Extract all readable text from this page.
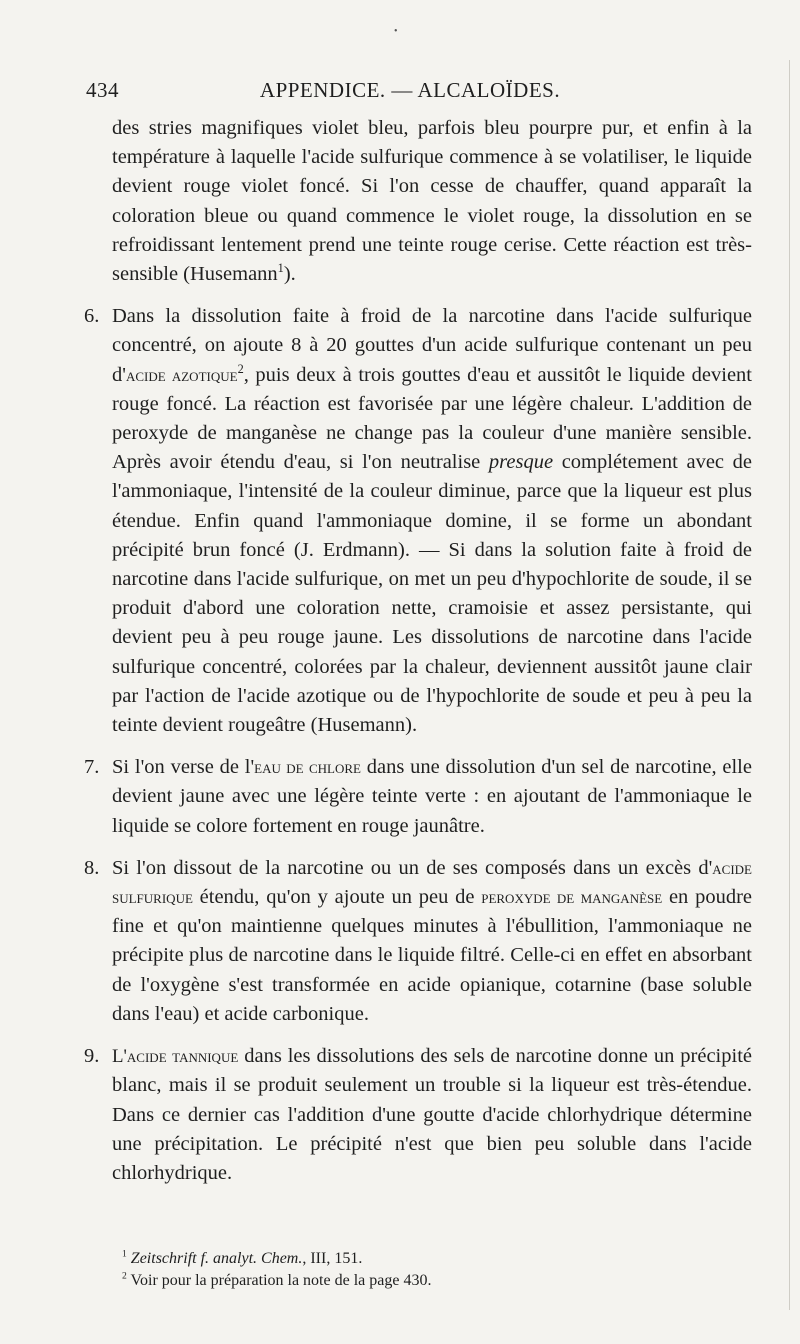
•
434	APPENDICE. — ALCALOÏDES.

des stries magnifiques violet bleu, parfois bleu pourpre pur, et enfin à la température à laquelle l'acide sulfurique commence à se volatiliser, le liquide devient rouge violet foncé. Si l'on cesse de chauffer, quand apparaît la coloration bleue ou quand commence le violet rouge, la dissolution en se refroidissant lentement prend une teinte rouge cerise. Cette réaction est très-sensible (Husemann$^1$).

6. Dans la dissolution faite à froid de la narcotine dans l'acide sulfurique concentré, on ajoute 8 à 20 gouttes d'un acide sulfurique contenant un peu d'acide azotique$^2$, puis deux à trois gouttes d'eau et aussitôt le liquide devient rouge foncé. La réaction est favorisée par une légère chaleur. L'addition de peroxyde de manganèse ne change pas la couleur d'une manière sensible. Après avoir étendu d'eau, si l'on neutralise presque complétement avec de l'ammoniaque, l'intensité de la couleur diminue, parce que la liqueur est plus étendue. Enfin quand l'ammoniaque domine, il se forme un abondant précipité brun foncé (J. Erdmann). — Si dans la solution faite à froid de narcotine dans l'acide sulfurique, on met un peu d'hypochlorite de soude, il se produit d'abord une coloration nette, cramoisie et assez persistante, qui devient peu à peu rouge jaune. Les dissolutions de narcotine dans l'acide sulfurique concentré, colorées par la chaleur, deviennent aussitôt jaune clair par l'action de l'acide azotique ou de l'hypochlorite de soude et peu à peu la teinte devient rougeâtre (Husemann).

7. Si l'on verse de l'eau de chlore dans une dissolution d'un sel de narcotine, elle devient jaune avec une légère teinte verte : en ajoutant de l'ammoniaque le liquide se colore fortement en rouge jaunâtre.

8. Si l'on dissout de la narcotine ou un de ses composés dans un excès d'acide sulfurique étendu, qu'on y ajoute un peu de peroxyde de manganèse en poudre fine et qu'on maintienne quelques minutes à l'ébullition, l'ammoniaque ne précipite plus de narcotine dans le liquide filtré. Celle-ci en effet en absorbant de l'oxygène s'est transformée en acide opianique, cotarnine (base soluble dans l'eau) et acide carbonique.

9. L'acide tannique dans les dissolutions des sels de narcotine donne un précipité blanc, mais il se produit seulement un trouble si la liqueur est très-étendue. Dans ce dernier cas l'addition d'une goutte d'acide chlorhydrique détermine une précipitation. Le précipité n'est que bien peu soluble dans l'acide chlorhydrique.

$^1$ Zeitschrift f. analyt. Chem., III, 151.

$^2$ Voir pour la préparation la note de la page 430.
